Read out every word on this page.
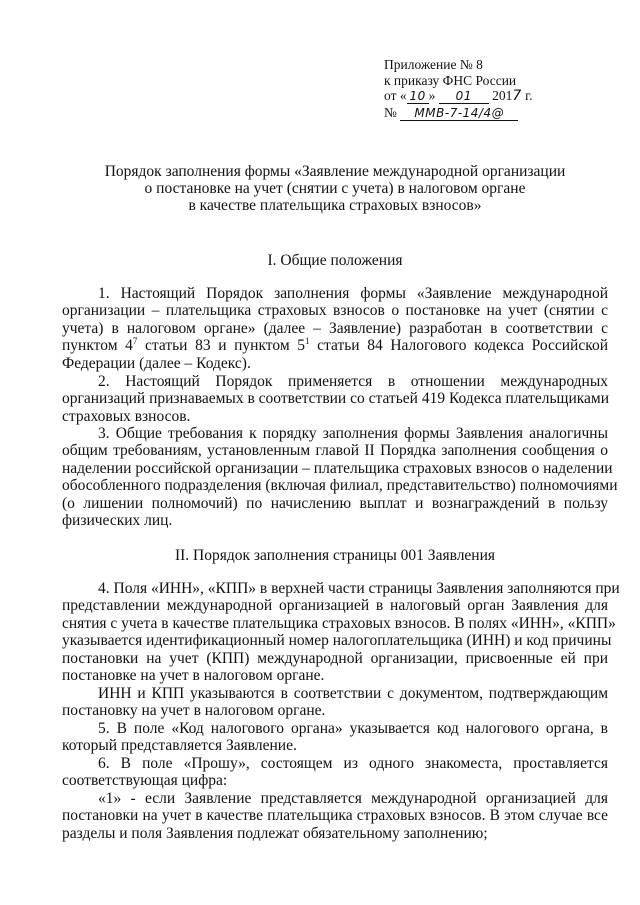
Приложение № 8
к приказу ФНС России
от « 10 » 01 2017 г.
№ ММВ-7-14/4@
Порядок заполнения формы «Заявление международной организации
о постановке на учет (снятии с учета) в налоговом органе
в качестве плательщика страховых взносов»
I. Общие положения
1. Настоящий Порядок заполнения формы «Заявление международной
организации – плательщика страховых взносов о постановке на учет (снятии с
учета) в налоговом органе» (далее – Заявление) разработан в соответствии с
пунктом $4^7$ статьи 83 и пунктом $5^1$ статьи 84 Налогового кодекса Российской
Федерации (далее – Кодекс).
2. Настоящий Порядок применяется в отношении международных
организаций признаваемых в соответствии со статьей 419 Кодекса плательщиками
страховых взносов.
3. Общие требования к порядку заполнения формы Заявления аналогичны
общим требованиям, установленным главой II Порядка заполнения сообщения о
наделении российской организации – плательщика страховых взносов о наделении
обособленного подразделения (включая филиал, представительство) полномочиями
(о лишении полномочий) по начислению выплат и вознаграждений в пользу
физических лиц.
II. Порядок заполнения страницы 001 Заявления
4. Поля «ИНН», «КПП» в верхней части страницы Заявления заполняются при
представлении международной организацией в налоговый орган Заявления для
снятия с учета в качестве плательщика страховых взносов. В полях «ИНН», «КПП»
указывается идентификационный номер налогоплательщика (ИНН) и код причины
постановки на учет (КПП) международной организации, присвоенные ей при
постановке на учет в налоговом органе.
ИНН и КПП указываются в соответствии с документом, подтверждающим
постановку на учет в налоговом органе.
5. В поле «Код налогового органа» указывается код налогового органа, в
который представляется Заявление.
6. В поле «Прошу», состоящем из одного знакоместа, проставляется
соответствующая цифра:
«1» - если Заявление представляется международной организацией для
постановки на учет в качестве плательщика страховых взносов. В этом случае все
разделы и поля Заявления подлежат обязательному заполнению;
